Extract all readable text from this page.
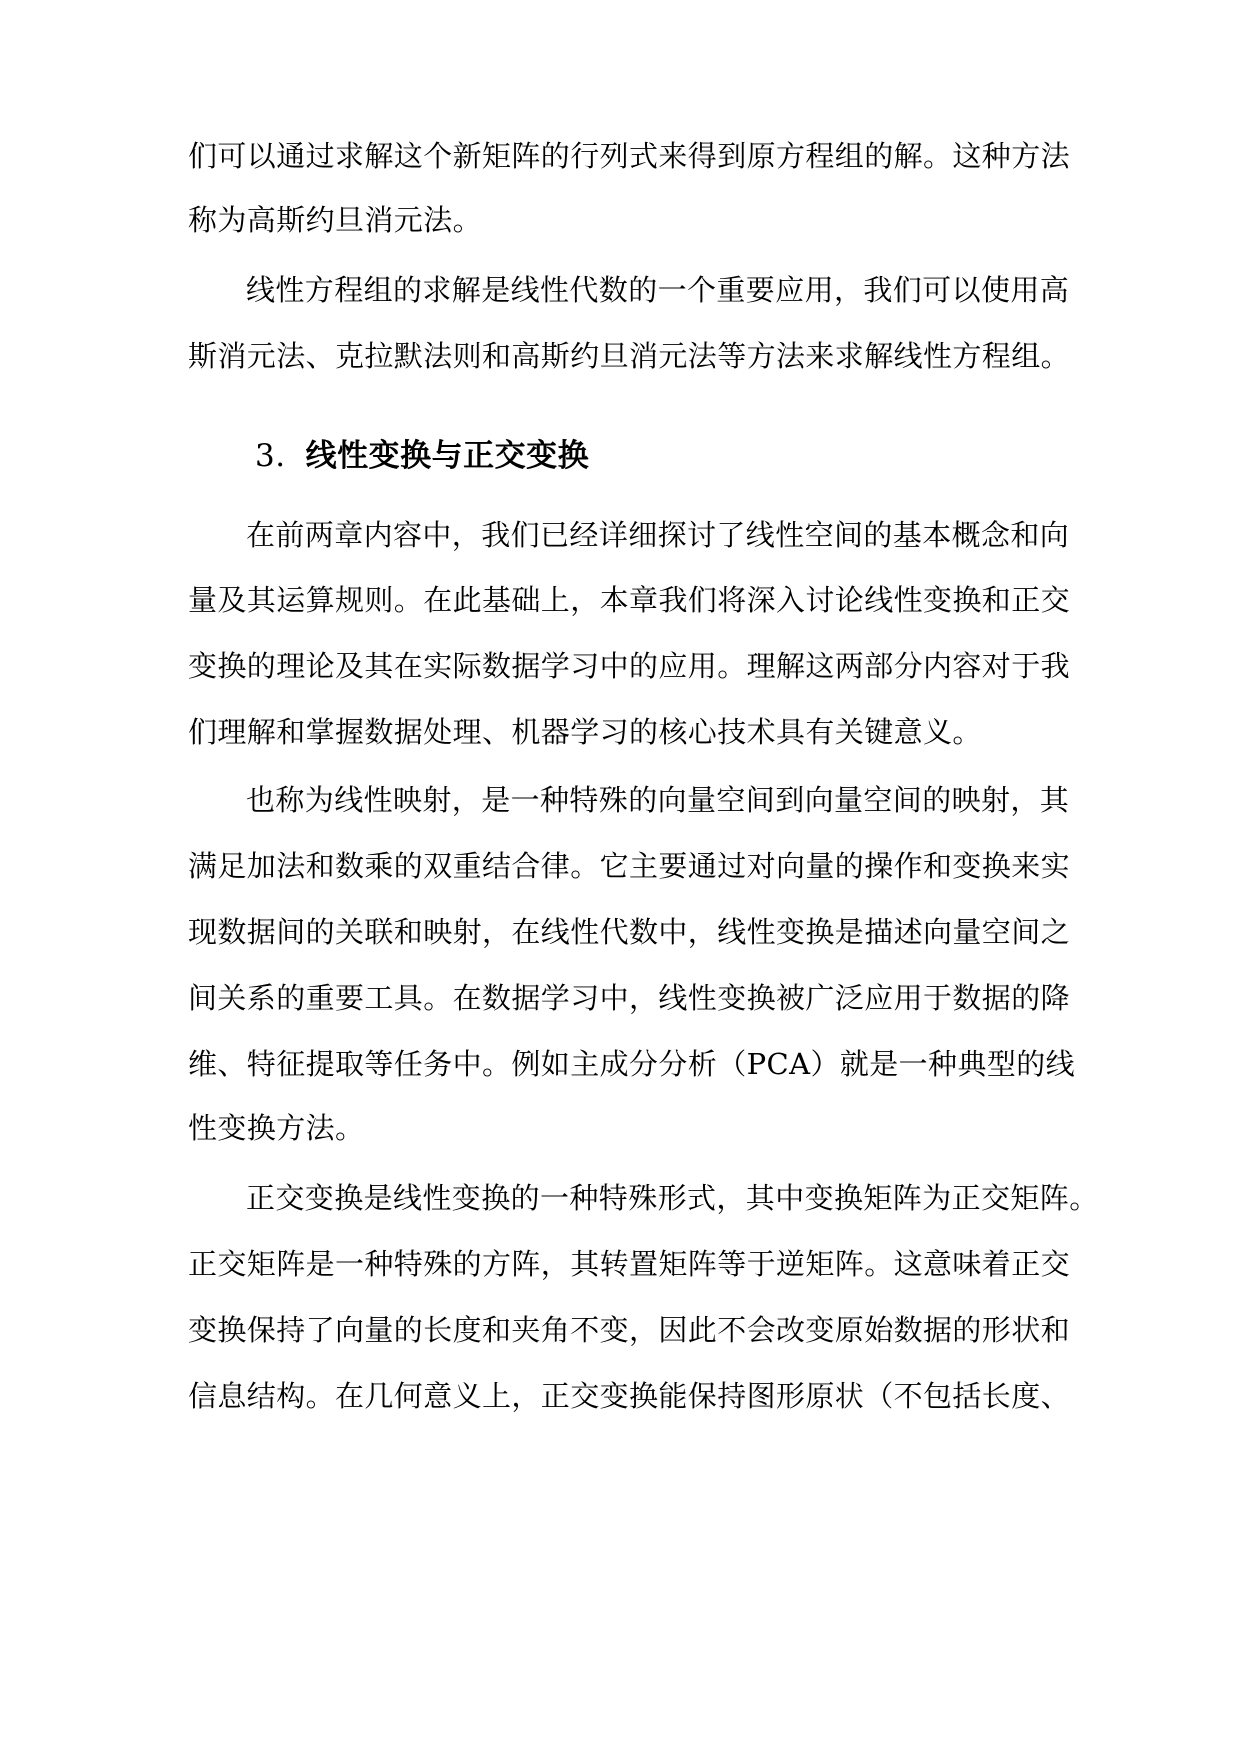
们可以通过求解这个新矩阵的行列式来得到原方程组的解。这种方法
称为高斯约旦消元法。
线性方程组的求解是线性代数的一个重要应用，我们可以使用高
斯消元法、克拉默法则和高斯约旦消元法等方法来求解线性方程组。
3. 线性变换与正交变换
在前两章内容中，我们已经详细探讨了线性空间的基本概念和向
量及其运算规则。在此基础上，本章我们将深入讨论线性变换和正交
变换的理论及其在实际数据学习中的应用。理解这两部分内容对于我
们理解和掌握数据处理、机器学习的核心技术具有关键意义。
也称为线性映射，是一种特殊的向量空间到向量空间的映射，其
满足加法和数乘的双重结合律。它主要通过对向量的操作和变换来实
现数据间的关联和映射，在线性代数中，线性变换是描述向量空间之
间关系的重要工具。在数据学习中，线性变换被广泛应用于数据的降
维、特征提取等任务中。例如主成分分析（PCA）就是一种典型的线
性变换方法。
正交变换是线性变换的一种特殊形式，其中变换矩阵为正交矩阵。
正交矩阵是一种特殊的方阵，其转置矩阵等于逆矩阵。这意味着正交
变换保持了向量的长度和夹角不变，因此不会改变原始数据的形状和
信息结构。在几何意义上，正交变换能保持图形原状（不包括长度、
